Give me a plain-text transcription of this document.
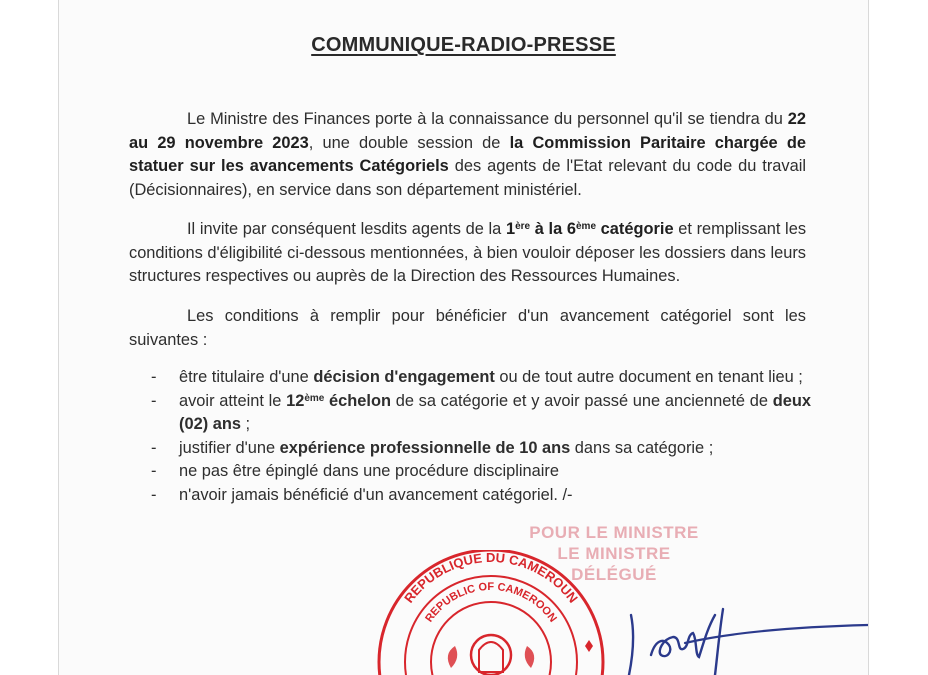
COMMUNIQUE-RADIO-PRESSE

Le Ministre des Finances porte à la connaissance du personnel qu'il se tiendra du 22 au 29 novembre 2023, une double session de la Commission Paritaire chargée de statuer sur les avancements Catégoriels des agents de l'Etat relevant du code du travail (Décisionnaires), en service dans son département ministériel.

Il invite par conséquent lesdits agents de la 1ère à la 6ème catégorie et remplissant les conditions d'éligibilité ci-dessous mentionnées, à bien vouloir déposer les dossiers dans leurs structures respectives ou auprès de la Direction des Ressources Humaines.

Les conditions à remplir pour bénéficier d'un avancement catégoriel sont les suivantes :

- être titulaire d'une décision d'engagement ou de tout autre document en tenant lieu ;
- avoir atteint le 12ème échelon de sa catégorie et y avoir passé une ancienneté de deux (02) ans ;
- justifier d'une expérience professionnelle de 10 ans dans sa catégorie ;
- ne pas être épinglé dans une procédure disciplinaire
- n'avoir jamais bénéficié d'un avancement catégoriel. /-
POUR LE MINISTRE
LE MINISTRE DÉLÉGUÉ
REPUBLIQUE DU CAMEROUN
REPUBLIC OF CAMEROON
